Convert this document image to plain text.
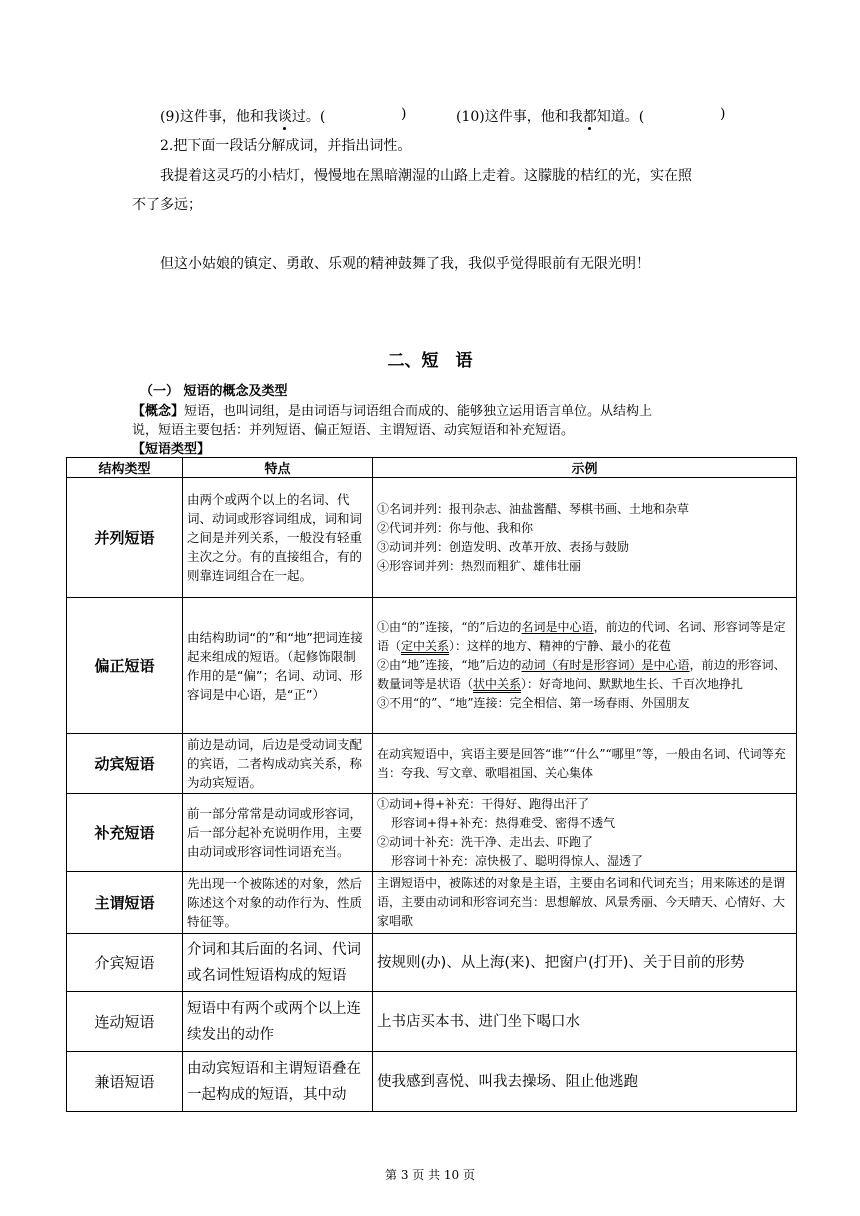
(9)这件事，他和我谈过。(	)	(10)这件事，他和我都知道。(	)
2.把下面一段话分解成词，并指出词性。
我提着这灵巧的小桔灯，慢慢地在黑暗潮湿的山路上走着。这朦胧的桔红的光，实在照
不了多远；
但这小姑娘的镇定、勇敢、乐观的精神鼓舞了我，我似乎觉得眼前有无限光明！
二、短　语
（一） 短语的概念及类型
【概念】短语，也叫词组，是由词语与词语组合而成的、能够独立运用语言单位。从结构上
说，短语主要包括：并列短语、偏正短语、主谓短语、动宾短语和补充短语。
【短语类型】
结构类型	特点	示例
并列短语	由两个或两个以上的名词、代词、动词或形容词组成，词和词之间是并列关系，一般没有轻重主次之分。有的直接组合，有的则靠连词组合在一起。	①名词并列：报刊杂志、油盐酱醋、琴棋书画、土地和杂草
②代词并列：你与他、我和你
③动词并列：创造发明、改革开放、表扬与鼓励
④形容词并列：热烈而粗犷、雄伟壮丽

偏正短语	由结构助词“的”和“地”把词连接起来组成的短语。（起修饰限制作用的是“偏”；名词、动词、形容词是中心语，是“正”）	①由“的”连接，“的”后边的名词是中心语，前边的代词、名词、形容词等是定语（定中关系）：这样的地方、精神的宁静、最小的花苞
②由“地”连接，“地”后边的动词（有时是形容词）是中心语，前边的形容词、数量词等是状语（状中关系）：好奇地问、默默地生长、千百次地挣扎
③不用“的”、“地”连接：完全相信、第一场春雨、外国朋友

动宾短语	前边是动词，后边是受动词支配的宾语，二者构成动宾关系，称为动宾短语。	在动宾短语中，宾语主要是回答“谁”“什么”“哪里”等，一般由名词、代词等充当：夸我、写文章、歌唱祖国、关心集体
补充短语	前一部分常常是动词或形容词，后一部分起补充说明作用，主要由动词或形容词性词语充当。	①动词+得+补充：干得好、跑得出汗了
形容词+得+补充：热得难受、密得不透气
②动词十补充：洗干净、走出去、吓跑了
形容词十补充：凉快极了、聪明得惊人、湿透了

主谓短语	先出现一个被陈述的对象，然后陈述这个对象的动作行为、性质特征等。	主谓短语中，被陈述的对象是主语，主要由名词和代词充当；用来陈述的是谓语，主要由动词和形容词充当：思想解放、风景秀丽、今天晴天、心情好、大家唱歌
介宾短语	介词和其后面的名词、代词或名词性短语构成的短语	按规则(办)、从上海(来)、把窗户(打开)、关于目前的形势
连动短语	短语中有两个或两个以上连续发出的动作	上书店买本书、进门坐下喝口水
兼语短语	由动宾短语和主谓短语叠在一起构成的短语，其中动	使我感到喜悦、叫我去操场、阻止他逃跑
第 3 页 共 10 页
